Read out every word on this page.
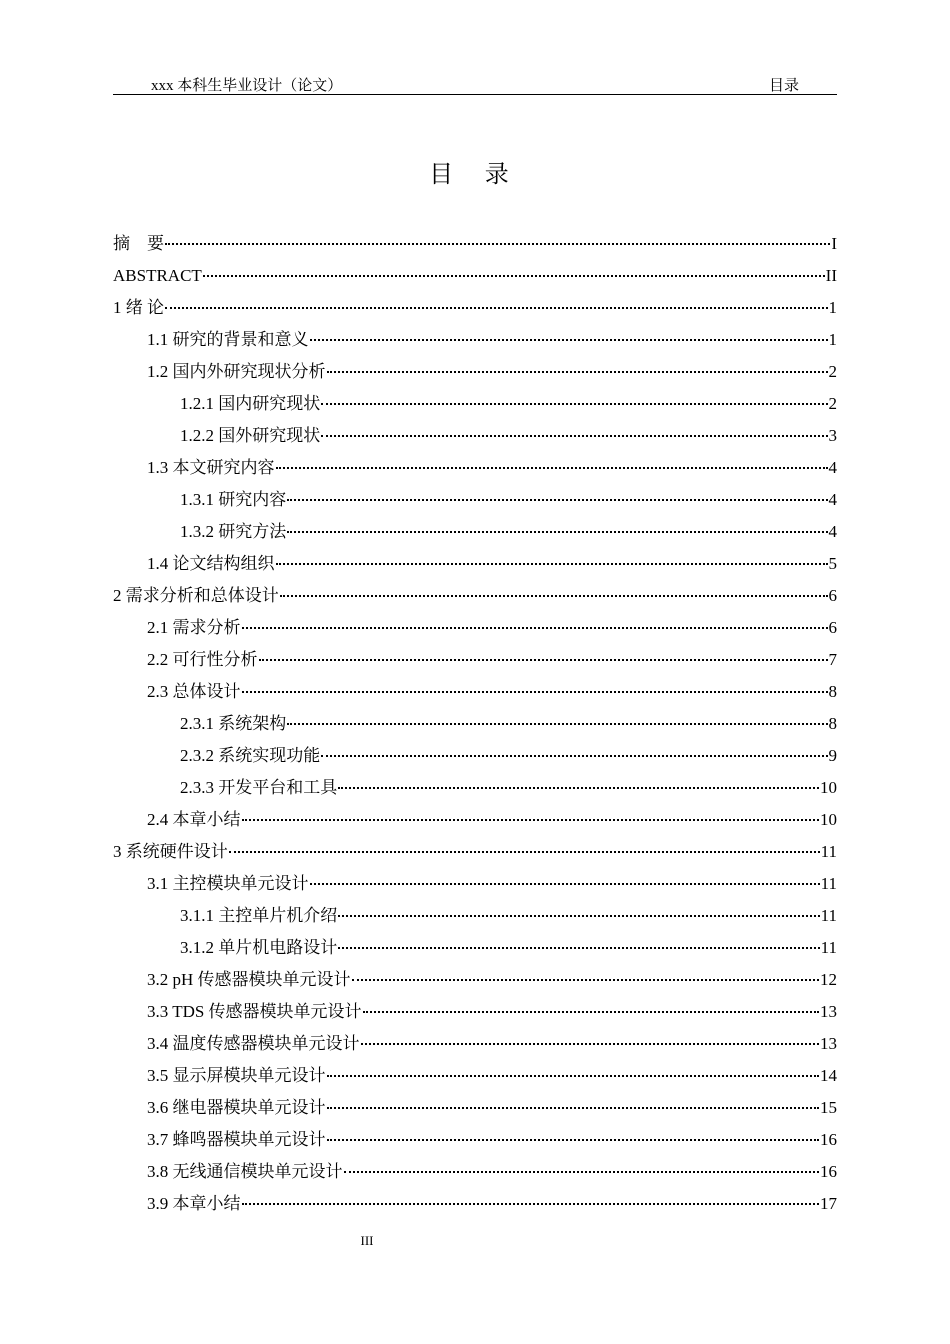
xxx 本科生毕业设计（论文）	目录
目 录
摘　要	I
ABSTRACT	II
1 绪 论	1
1.1 研究的背景和意义	1
1.2 国内外研究现状分析	2
1.2.1 国内研究现状	2
1.2.2 国外研究现状	3
1.3 本文研究内容	4
1.3.1 研究内容	4
1.3.2 研究方法	4
1.4 论文结构组织	5
2 需求分析和总体设计	6
2.1 需求分析	6
2.2 可行性分析	7
2.3 总体设计	8
2.3.1 系统架构	8
2.3.2 系统实现功能	9
2.3.3 开发平台和工具	10
2.4 本章小结	10
3 系统硬件设计	11
3.1 主控模块单元设计	11
3.1.1 主控单片机介绍	11
3.1.2 单片机电路设计	11
3.2 pH 传感器模块单元设计	12
3.3 TDS 传感器模块单元设计	13
3.4 温度传感器模块单元设计	13
3.5 显示屏模块单元设计	14
3.6 继电器模块单元设计	15
3.7 蜂鸣器模块单元设计	16
3.8 无线通信模块单元设计	16
3.9 本章小结	17
III
